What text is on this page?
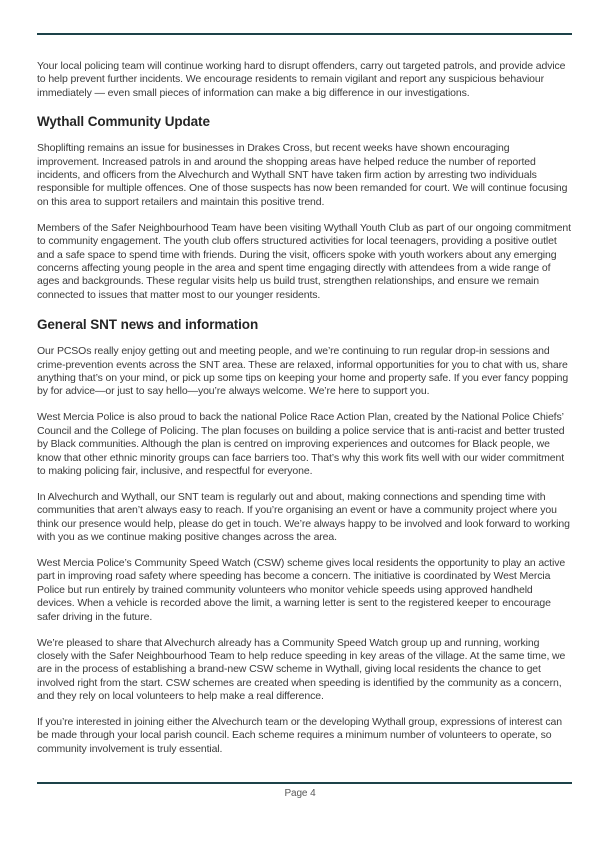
Your local policing team will continue working hard to disrupt offenders, carry out targeted patrols, and provide advice to help prevent further incidents. We encourage residents to remain vigilant and report any suspicious behaviour immediately — even small pieces of information can make a big difference in our investigations.

Wythall Community Update

Shoplifting remains an issue for businesses in Drakes Cross, but recent weeks have shown encouraging improvement. Increased patrols in and around the shopping areas have helped reduce the number of reported incidents, and officers from the Alvechurch and Wythall SNT have taken firm action by arresting two individuals responsible for multiple offences. One of those suspects has now been remanded for court. We will continue focusing on this area to support retailers and maintain this positive trend.

Members of the Safer Neighbourhood Team have been visiting Wythall Youth Club as part of our ongoing commitment to community engagement. The youth club offers structured activities for local teenagers, providing a positive outlet and a safe space to spend time with friends. During the visit, officers spoke with youth workers about any emerging concerns affecting young people in the area and spent time engaging directly with attendees from a wide range of ages and backgrounds. These regular visits help us build trust, strengthen relationships, and ensure we remain connected to issues that matter most to our younger residents.

General SNT news and information

Our PCSOs really enjoy getting out and meeting people, and we’re continuing to run regular drop-in sessions and crime-prevention events across the SNT area. These are relaxed, informal opportunities for you to chat with us, share anything that’s on your mind, or pick up some tips on keeping your home and property safe. If you ever fancy popping by for advice—or just to say hello—you’re always welcome. We’re here to support you.

West Mercia Police is also proud to back the national Police Race Action Plan, created by the National Police Chiefs’ Council and the College of Policing. The plan focuses on building a police service that is anti-racist and better trusted by Black communities. Although the plan is centred on improving experiences and outcomes for Black people, we know that other ethnic minority groups can face barriers too. That’s why this work fits well with our wider commitment to making policing fair, inclusive, and respectful for everyone.

In Alvechurch and Wythall, our SNT team is regularly out and about, making connections and spending time with communities that aren’t always easy to reach. If you’re organising an event or have a community project where you think our presence would help, please do get in touch. We’re always happy to be involved and look forward to working with you as we continue making positive changes across the area.

West Mercia Police’s Community Speed Watch (CSW) scheme gives local residents the opportunity to play an active part in improving road safety where speeding has become a concern. The initiative is coordinated by West Mercia Police but run entirely by trained community volunteers who monitor vehicle speeds using approved handheld devices. When a vehicle is recorded above the limit, a warning letter is sent to the registered keeper to encourage safer driving in the future.

We’re pleased to share that Alvechurch already has a Community Speed Watch group up and running, working closely with the Safer Neighbourhood Team to help reduce speeding in key areas of the village. At the same time, we are in the process of establishing a brand-new CSW scheme in Wythall, giving local residents the chance to get involved right from the start. CSW schemes are created when speeding is identified by the community as a concern, and they rely on local volunteers to help make a real difference.

If you’re interested in joining either the Alvechurch team or the developing Wythall group, expressions of interest can be made through your local parish council. Each scheme requires a minimum number of volunteers to operate, so community involvement is truly essential.

Page 4
